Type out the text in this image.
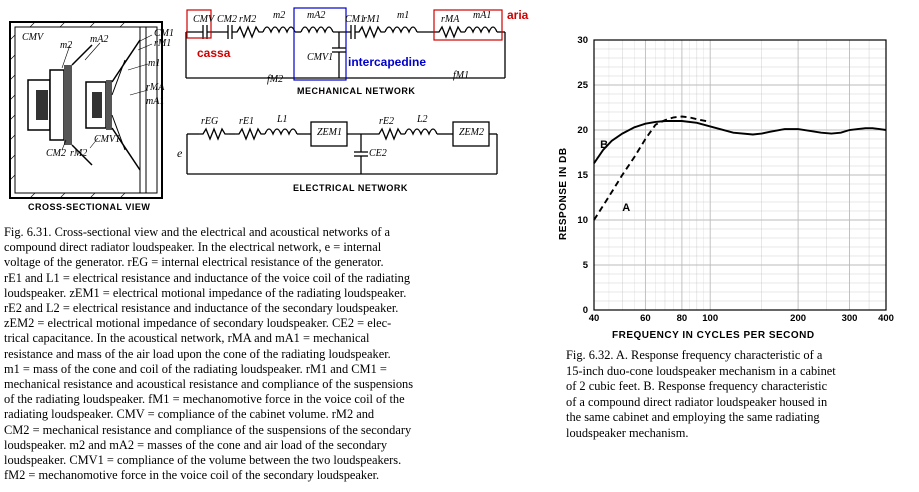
CMV
m2
mA2
CM1
rM1
m1
rMA
mA1
CM2 rM2
CMV1
CROSS-SECTIONAL VIEW
CMV CM2 rM2 m2 mA2
CMV1
CM1
rM1 m1	rMA mA1
fM2	fM1
cassa
intercapedine
aria
MECHANICAL NETWORK
rEG rE1 L1
ZEM1
rE2 L2
ZEM2
CE2
e
ELECTRICAL NETWORK

Fig. 6.31. Cross-sectional view and the electrical and acoustical networks of a

compound direct radiator loudspeaker. In the electrical network, e = internal

voltage of the generator. rEG = internal electrical resistance of the generator.

rE1 and L1 = electrical resistance and inductance of the voice coil of the radiating

loudspeaker. zEM1 = electrical motional impedance of the radiating loudspeaker.

rE2 and L2 = electrical resistance and inductance of the secondary loudspeaker.

zEM2 = electrical motional impedance of secondary loudspeaker. CE2 = elec-

trical capacitance. In the acoustical network, rMA and mA1 = mechanical

resistance and mass of the air load upon the cone of the radiating loudspeaker.

m1 = mass of the cone and coil of the radiating loudspeaker. rM1 and CM1 =

mechanical resistance and acoustical resistance and compliance of the suspensions

of the radiating loudspeaker. fM1 = mechanomotive force in the voice coil of the

radiating loudspeaker. CMV = compliance of the cabinet volume. rM2 and

CM2 = mechanical resistance and compliance of the suspensions of the secondary

loudspeaker. m2 and mA2 = masses of the cone and air load of the secondary

loudspeaker. CMV1 = compliance of the volume between the two loudspeakers.

fM2 = mechanomotive force in the voice coil of the secondary loudspeaker.

0
5
10
15
20
25
30
40	60	80 100	200	300 400
A
B
RESPONSE IN DB
FREQUENCY IN CYCLES PER SECOND
Fig. 6.32. A. Response frequency characteristic of a
15-inch duo-cone loudspeaker mechanism in a cabinet
of 2 cubic feet. B. Response frequency characteristic
of a compound direct radiator loudspeaker housed in
the same cabinet and employing the same radiating
loudspeaker mechanism.
